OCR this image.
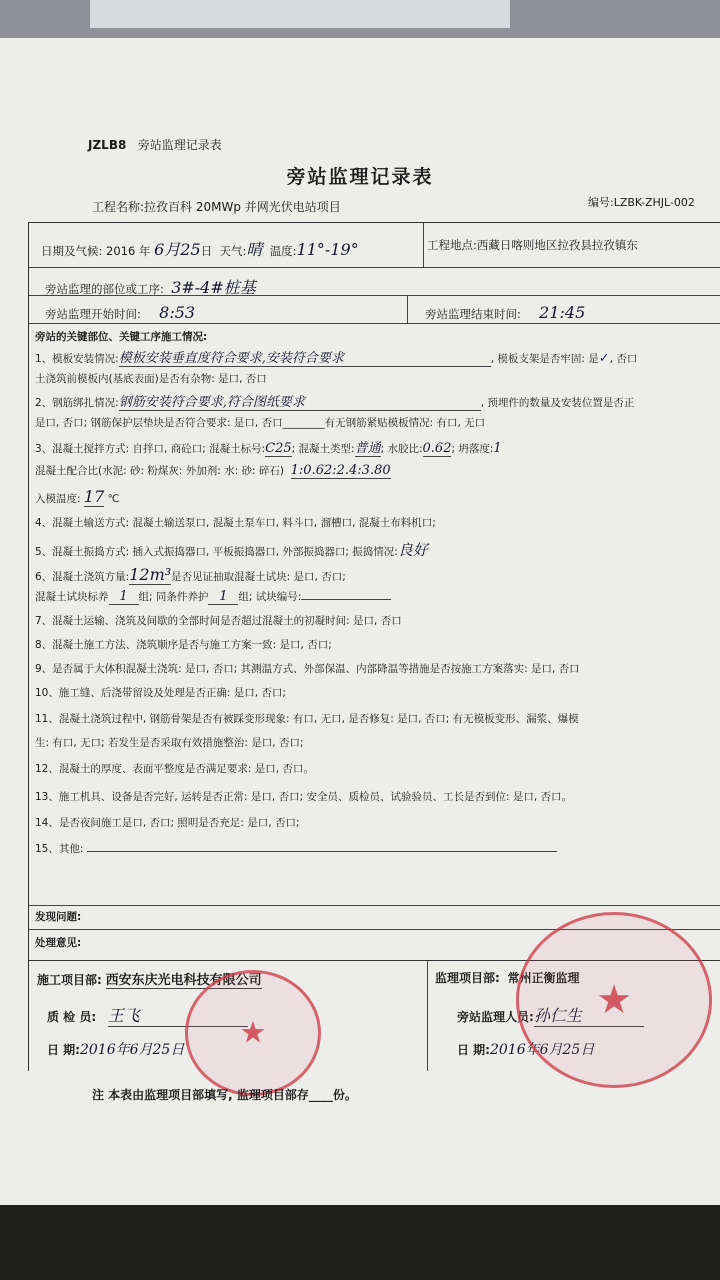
JZLB8 旁站监理记录表
旁站监理记录表
工程名称:拉孜百科 20MWp 并网光伏电站项目	编号:LZBK-ZHJL-002
日期及气候: 2016 年 6月25日 天气:晴 温度:11°-19°	工程地点:西藏日喀则地区拉孜县拉孜镇东
旁站监理的部位或工序: 3#-4#桩基
旁站监理开始时间: 8:53	旁站监理结束时间: 21:45
旁站的关键部位、关键工序施工情况:
1、模板安装情况:模板安装垂直度符合要求,安装符合要求	, 模板支架是否牢固: 是✓, 否口
土浇筑前模板内(基底表面)是否有杂物: 是口, 否口
2、钢筋绑扎情况:钢筋安装符合要求,符合图纸要求	, 预埋件的数量及安装位置是否正
是口, 否口; 钢筋保护层垫块是否符合要求: 是口, 否口________有无钢筋紧贴模板情况: 有口, 无口
3、混凝土搅拌方式: 自拌口, 商砼口; 混凝土标号:C25; 混凝土类型:普通; 水胶比:0.62; 坍落度:1
混凝土配合比(水泥: 砂: 粉煤灰: 外加剂: 水: 砂: 碎石) 1:0.62:2.4:3.80
入模温度: 17 ℃
4、混凝土输送方式: 混凝土输送泵口, 混凝土泵车口, 料斗口, 溜槽口, 混凝土布料机口;
5、混凝土振捣方式: 插入式振捣器口, 平板振捣器口, 外部振捣器口; 振捣情况:良好
6、混凝土浇筑方量:12m³是否见证抽取混凝土试块: 是口, 否口;
混凝土试块标养 1 组; 同条件养护 1 组; 试块编号:
7、混凝土运输、浇筑及间歇的全部时间是否超过混凝土的初凝时间: 是口, 否口
8、混凝土施工方法、浇筑顺序是否与施工方案一致: 是口, 否口;
9、是否属于大体积混凝土浇筑: 是口, 否口; 其测温方式、外部保温、内部降温等措施是否按施工方案落实: 是口, 否口
10、施工缝、后浇带留设及处理是否正确: 是口, 否口;
11、混凝土浇筑过程中, 钢筋骨架是否有被踩变形现象: 有口, 无口, 是否修复: 是口, 否口; 有无模板变形、漏浆、爆模
生: 有口, 无口; 若发生是否采取有效措施整治: 是口, 否口;
12、混凝土的厚度、表面平整度是否满足要求: 是口, 否口。
13、施工机具、设备是否完好, 运转是否正常: 是口, 否口; 安全员、质检员、试验验员、工长是否到位: 是口, 否口。
14、是否夜间施工是口, 否口; 照明是否充足: 是口, 否口;
15、其他:
发现问题:
处理意见:
施工项目部: 西安东庆光电科技有限公司
质 检 员: 王飞
日 期:2016年6月25日
监理项目部: 常州正衡监理
旁站监理人员:孙仁生
日 期:2016年6月25日
★
★
注 本表由监理项目部填写, 监理项目部存____份。
